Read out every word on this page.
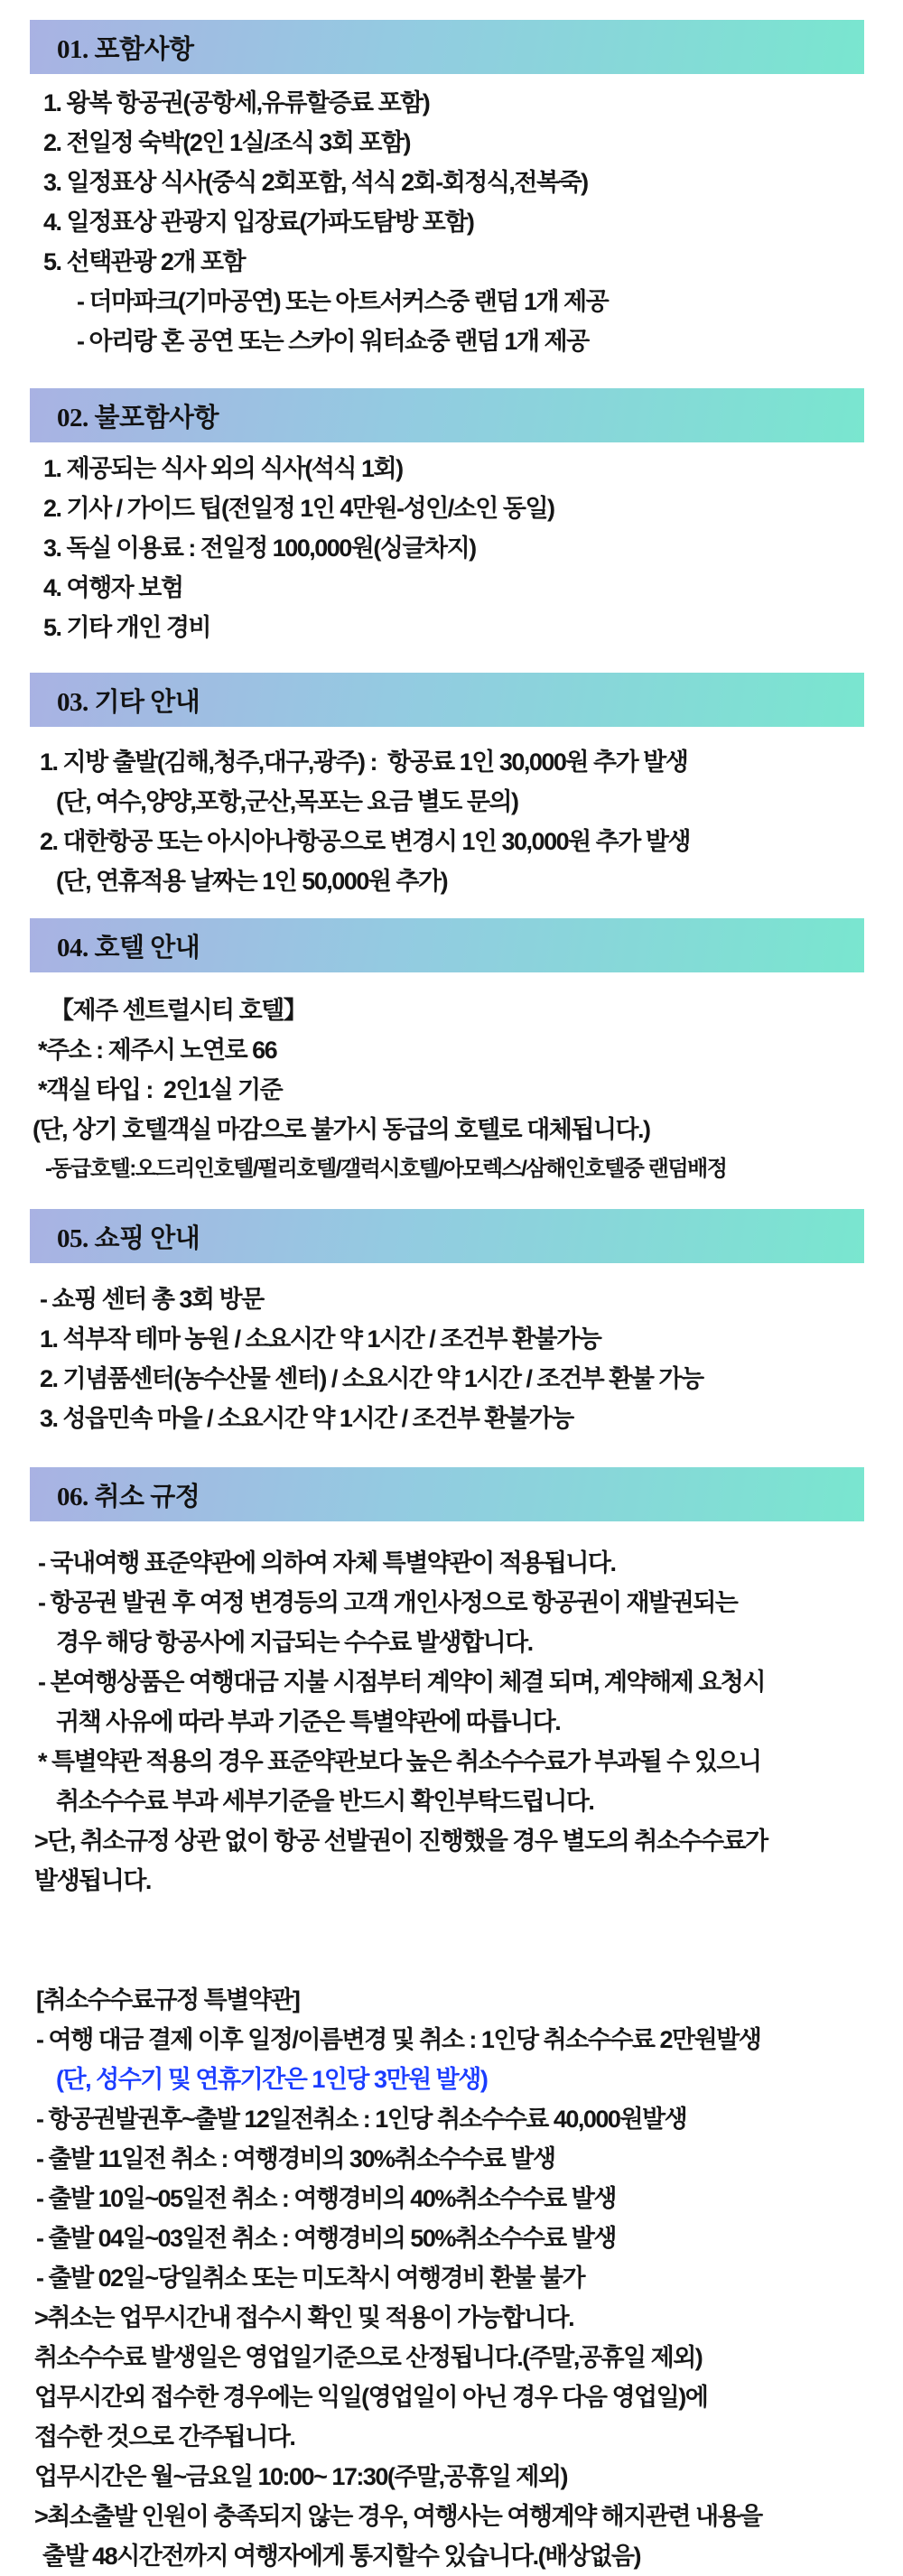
01. 포함사항

1. 왕복 항공권(공항세,유류할증료 포함)

2. 전일정 숙박(2인 1실/조식 3회 포함)

3. 일정표상 식사(중식 2회포함, 석식 2회-회정식,전복죽)

4. 일정표상 관광지 입장료(가파도탐방 포함)

5. 선택관광 2개 포함

- 더마파크(기마공연) 또는 아트서커스중 랜덤 1개 제공

- 아리랑 혼 공연 또는 스카이 워터쇼중 랜덤 1개 제공

02. 불포함사항

1. 제공되는 식사 외의 식사(석식 1회)

2. 기사 / 가이드 팁(전일정 1인 4만원-성인/소인 동일)

3. 독실 이용료 : 전일정 100,000원(싱글차지)

4. 여행자 보험

5. 기타 개인 경비

03. 기타 안내

1. 지방 출발(김해,청주,대구,광주) :  항공료 1인 30,000원 추가 발생

(단, 여수,양양,포항,군산,목포는 요금 별도 문의)

2. 대한항공 또는 아시아나항공으로 변경시 1인 30,000원 추가 발생

(단, 연휴적용 날짜는 1인 50,000원 추가)

04. 호텔 안내

【제주 센트럴시티 호텔】

*주소 : 제주시 노연로 66

*객실 타입 :  2인1실 기준

(단, 상기 호텔객실 마감으로 불가시 동급의 호텔로 대체됩니다.)

-동급호텔:오드리인호텔/펄리호텔/갤럭시호텔/아모렉스/삼해인호텔중 랜덤배정

05. 쇼핑 안내

- 쇼핑 센터 총 3회 방문

1. 석부작 테마 농원 / 소요시간 약 1시간 / 조건부 환불가능

2. 기념품센터(농수산물 센터) / 소요시간 약 1시간 / 조건부 환불 가능

3. 성읍민속 마을 / 소요시간 약 1시간 / 조건부 환불가능

06. 취소 규정

- 국내여행 표준약관에 의하여 자체 특별약관이 적용됩니다.

- 항공권 발권 후 여정 변경등의 고객 개인사정으로 항공권이 재발권되는

경우 해당 항공사에 지급되는 수수료 발생합니다.

- 본여행상품은 여행대금 지불 시점부터 계약이 체결 되며, 계약해제 요청시

귀책 사유에 따라 부과 기준은 특별약관에 따릅니다.

* 특별약관 적용의 경우 표준약관보다 높은 취소수수료가 부과될 수 있으니

취소수수료 부과 세부기준을 반드시 확인부탁드립니다.

>단, 취소규정 상관 없이 항공 선발권이 진행했을 경우 별도의 취소수수료가

발생됩니다.

[취소수수료규정 특별약관]

- 여행 대금 결제 이후 일정/이름변경 및 취소 : 1인당 취소수수료 2만원발생

(단, 성수기 및 연휴기간은 1인당 3만원 발생)

- 항공권발권후~출발 12일전취소 : 1인당 취소수수료 40,000원발생

- 출발 11일전 취소 : 여행경비의 30%취소수수료 발생

- 출발 10일~05일전 취소 : 여행경비의 40%취소수수료 발생

- 출발 04일~03일전 취소 : 여행경비의 50%취소수수료 발생

- 출발 02일~당일취소 또는 미도착시 여행경비 환불 불가

>취소는 업무시간내 접수시 확인 및 적용이 가능합니다.

취소수수료 발생일은 영업일기준으로 산정됩니다.(주말,공휴일 제외)

업무시간외 접수한 경우에는 익일(영업일이 아닌 경우 다음 영업일)에

접수한 것으로 간주됩니다.

업무시간은 월~금요일 10:00~ 17:30(주말,공휴일 제외)

>최소출발 인원이 충족되지 않는 경우, 여행사는 여행계약 해지관련 내용을

출발 48시간전까지 여행자에게 통지할수 있습니다.(배상없음)
